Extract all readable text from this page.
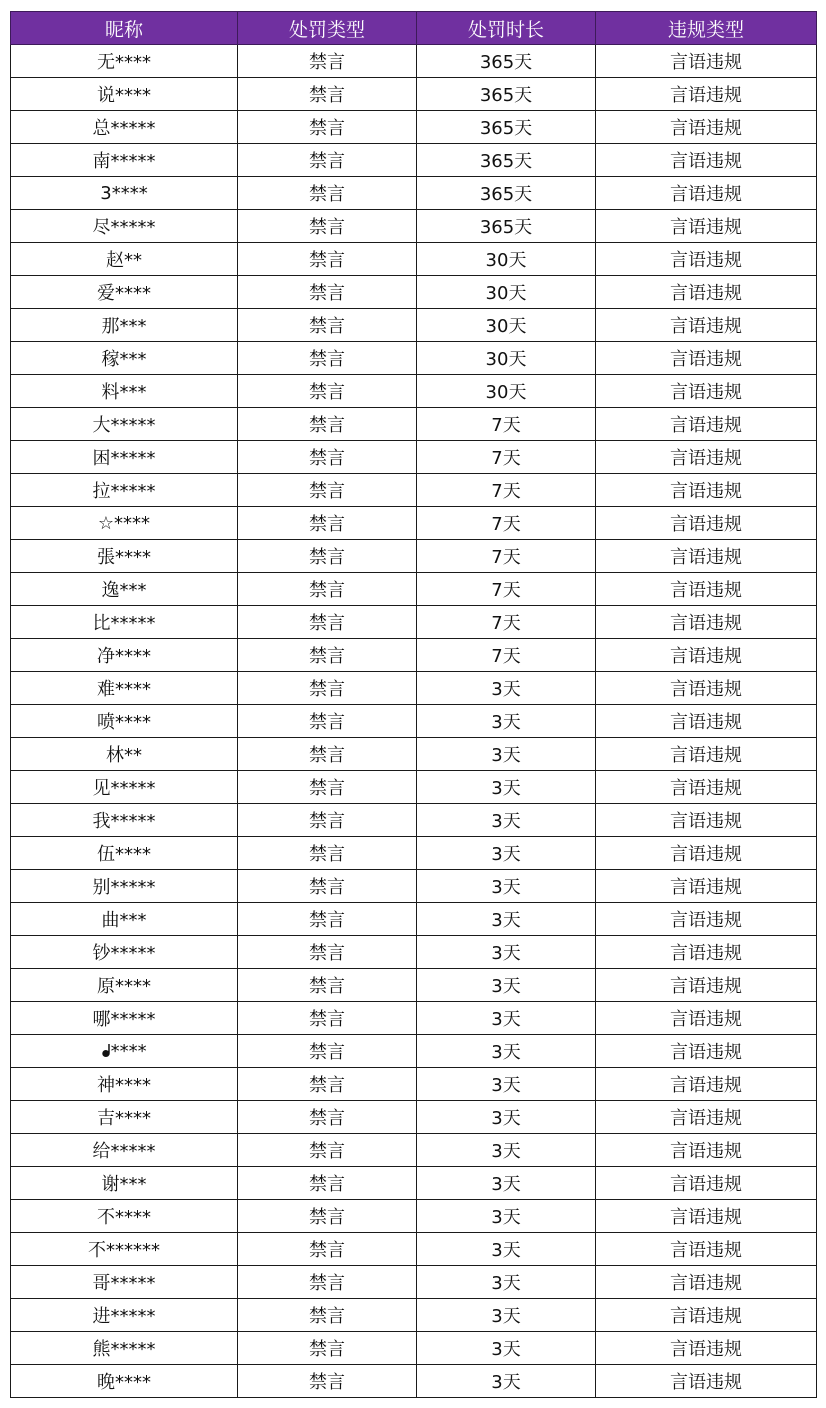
昵称	处罚类型	处罚时长	违规类型
无****	禁言	365天	言语违规
说****	禁言	365天	言语违规
总*****	禁言	365天	言语违规
南*****	禁言	365天	言语违规
3****	禁言	365天	言语违规
尽*****	禁言	365天	言语违规
赵**	禁言	30天	言语违规
爱****	禁言	30天	言语违规
那***	禁言	30天	言语违规
稼***	禁言	30天	言语违规
料***	禁言	30天	言语违规
大*****	禁言	7天	言语违规
困*****	禁言	7天	言语违规
拉*****	禁言	7天	言语违规
☆****	禁言	7天	言语违规
張****	禁言	7天	言语违规
逸***	禁言	7天	言语违规
比*****	禁言	7天	言语违规
净****	禁言	7天	言语违规
难****	禁言	3天	言语违规
喷****	禁言	3天	言语违规
林**	禁言	3天	言语违规
见*****	禁言	3天	言语违规
我*****	禁言	3天	言语违规
伍****	禁言	3天	言语违规
别*****	禁言	3天	言语违规
曲***	禁言	3天	言语违规
钞*****	禁言	3天	言语违规
原****	禁言	3天	言语违规
哪*****	禁言	3天	言语违规
ᖱ****	禁言	3天	言语违规
神****	禁言	3天	言语违规
吉****	禁言	3天	言语违规
给*****	禁言	3天	言语违规
谢***	禁言	3天	言语违规
不****	禁言	3天	言语违规
不******	禁言	3天	言语违规
哥*****	禁言	3天	言语违规
进*****	禁言	3天	言语违规
熊*****	禁言	3天	言语违规
晚****	禁言	3天	言语违规
